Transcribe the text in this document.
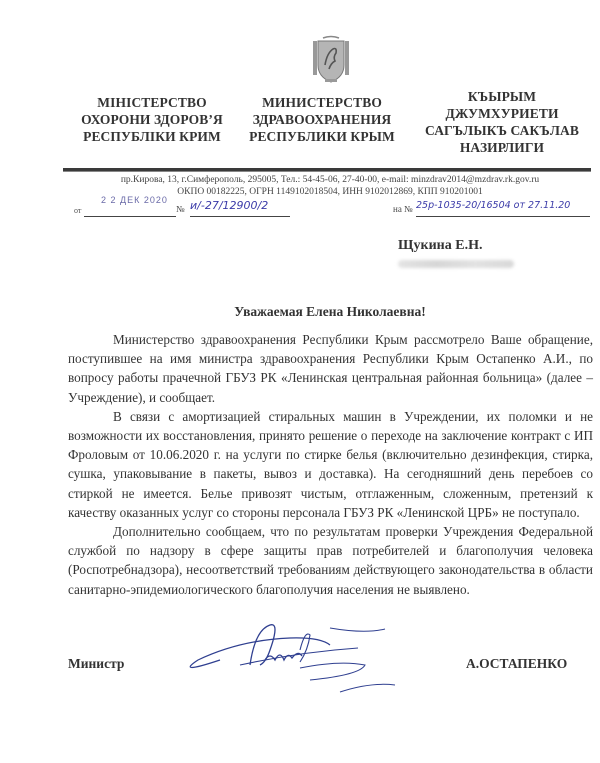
МІНІСТЕРСТВО
ОХОРОНИ ЗДОРОВ’Я
РЕСПУБЛІКИ КРИМ
МИНИСТЕРСТВО
ЗДРАВООХРАНЕНИЯ
РЕСПУБЛИКИ КРЫМ
КЪЫРЫМ
ДЖУМХУРИЕТИ
САГЪЛЫКЪ САКЪЛАВ
НАЗИРЛИГИ
пр.Кирова, 13, г.Симферополь, 295005, Тел.: 54-45-06, 27-40-00, e-mail: minzdrav2014@mzdrav.rk.gov.ru
ОКПО 00182225, ОГРН 1149102018504, ИНН 9102012869, КПП 910201001
2 2 ДЕК 2020
от	№ и/-27/12900/2	на № 25р-1035-20/16504 от 27.11.20
Щукина Е.Н.
Уважаемая Елена Николаевна!

Министерство здравоохранения Республики Крым рассмотрело Ваше обращение, поступившее на имя министра здравоохранения Республики Крым Остапенко А.И., по вопросу работы прачечной ГБУЗ РК «Ленинская центральная районная больница» (далее – Учреждение), и сообщает.

В связи с амортизацией стиральных машин в Учреждении, их поломки и не возможности их восстановления, принято решение о переходе на заключение контракт с ИП Фроловым от 10.06.2020 г. на услуги по стирке белья (включительно дезинфекция, стирка, сушка, упаковывание в пакеты, вывоз и доставка). На сегодняшний день перебоев со стиркой не имеется. Белье привозят чистым, отглаженным, сложенным, претензий к качеству оказанных услуг со стороны персонала ГБУЗ РК «Ленинской ЦРБ» не поступало.

Дополнительно сообщаем, что по результатам проверки Учреждения Федеральной службой по надзору в сфере защиты прав потребителей и благополучия человека (Роспотребнадзора), несоответствий требованиям действующего законодательства в области санитарно-эпидемиологического благополучия населения не выявлено.

Министр	А.ОСТАПЕНКО
